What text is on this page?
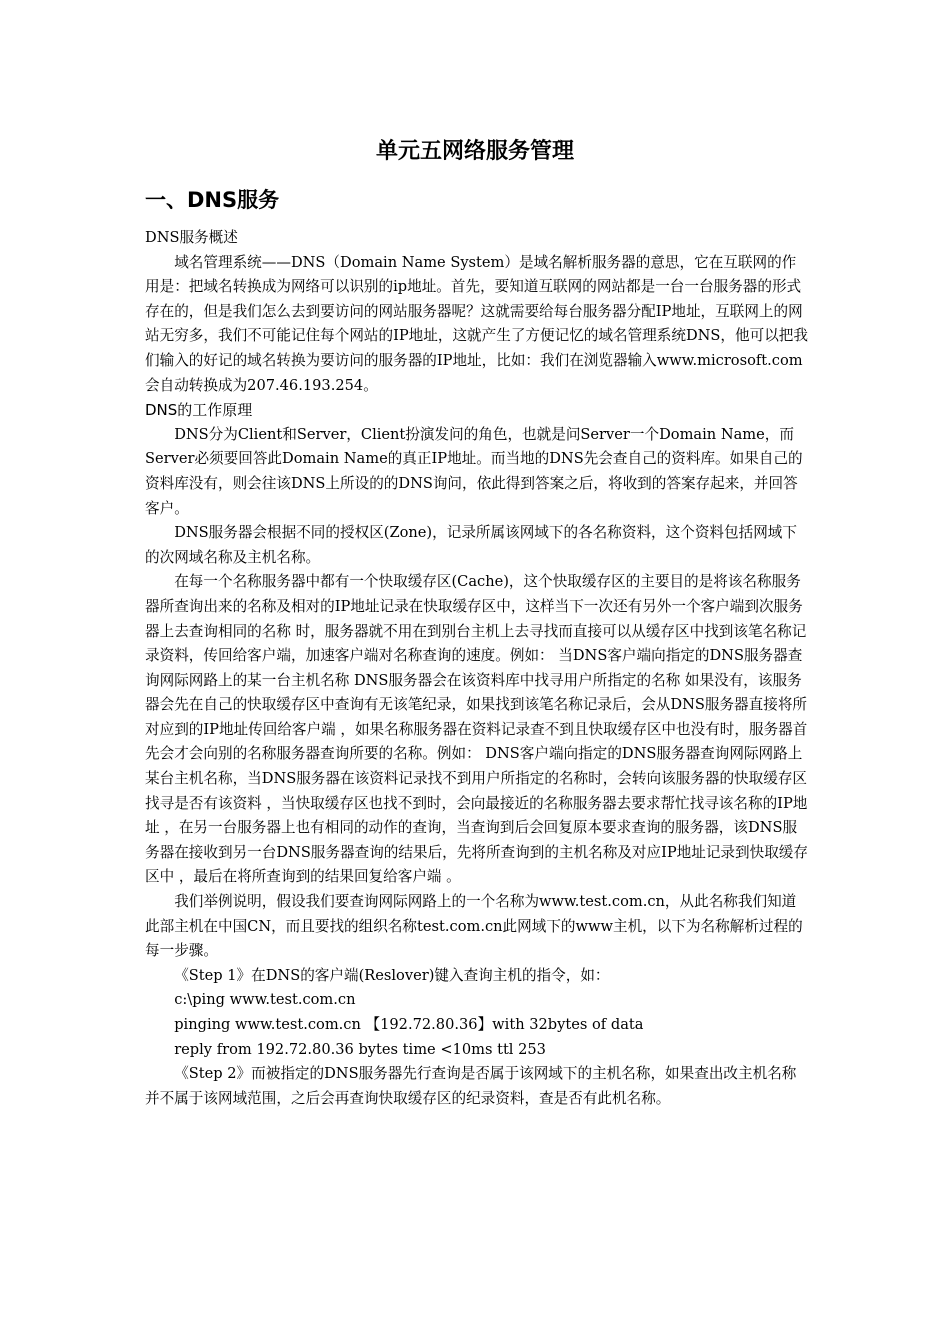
单元五网络服务管理
一、DNS服务

DNS服务概述

域名管理系统——DNS（Domain Name System）是域名解析服务器的意思，它在互联网的作用是：把域名转换成为网络可以识别的ip地址。首先，要知道互联网的网站都是一台一台服务器的形式存在的，但是我们怎么去到要访问的网站服务器呢？这就需要给每台服务器分配IP地址，互联网上的网站无穷多，我们不可能记住每个网站的IP地址，这就产生了方便记忆的域名管理系统DNS，他可以把我们输入的好记的域名转换为要访问的服务器的IP地址，比如：我们在浏览器输入www.microsoft.com会自动转换成为207.46.193.254。

DNS的工作原理

DNS分为Client和Server，Client扮演发问的角色，也就是问Server一个Domain Name，而Server必须要回答此Domain Name的真正IP地址。而当地的DNS先会查自己的资料库。如果自己的资料库没有，则会往该DNS上所设的的DNS询问，依此得到答案之后，将收到的答案存起来，并回答客户。

DNS服务器会根据不同的授权区(Zone)，记录所属该网域下的各名称资料，这个资料包括网域下的次网域名称及主机名称。

在每一个名称服务器中都有一个快取缓存区(Cache)，这个快取缓存区的主要目的是将该名称服务器所查询出来的名称及相对的IP地址记录在快取缓存区中，这样当下一次还有另外一个客户端到次服务器上去查询相同的名称 时，服务器就不用在到别台主机上去寻找而直接可以从缓存区中找到该笔名称记录资料，传回给客户端，加速客户端对名称查询的速度。例如： 当DNS客户端向指定的DNS服务器查询网际网路上的某一台主机名称 DNS服务器会在该资料库中找寻用户所指定的名称 如果没有，该服务器会先在自己的快取缓存区中查询有无该笔纪录，如果找到该笔名称记录后，会从DNS服务器直接将所对应到的IP地址传回给客户端 ，如果名称服务器在资料记录查不到且快取缓存区中也没有时，服务器首先会才会向别的名称服务器查询所要的名称。例如： DNS客户端向指定的DNS服务器查询网际网路上某台主机名称，当DNS服务器在该资料记录找不到用户所指定的名称时，会转向该服务器的快取缓存区找寻是否有该资料 ，当快取缓存区也找不到时，会向最接近的名称服务器去要求帮忙找寻该名称的IP地址 ，在另一台服务器上也有相同的动作的查询，当查询到后会回复原本要求查询的服务器，该DNS服务器在接收到另一台DNS服务器查询的结果后，先将所查询到的主机名称及对应IP地址记录到快取缓存区中 ，最后在将所查询到的结果回复给客户端 。

我们举例说明，假设我们要查询网际网路上的一个名称为www.test.com.cn，从此名称我们知道此部主机在中国CN，而且要找的组织名称test.com.cn此网域下的www主机，以下为名称解析过程的每一步骤。

《Step 1》在DNS的客户端(Reslover)键入查询主机的指令，如：

c:\ping www.test.com.cn

pinging www.test.com.cn 【192.72.80.36】with 32bytes of data

reply from 192.72.80.36 bytes time <10ms ttl 253

《Step 2》而被指定的DNS服务器先行查询是否属于该网域下的主机名称，如果查出改主机名称并不属于该网域范围，之后会再查询快取缓存区的纪录资料，查是否有此机名称。
